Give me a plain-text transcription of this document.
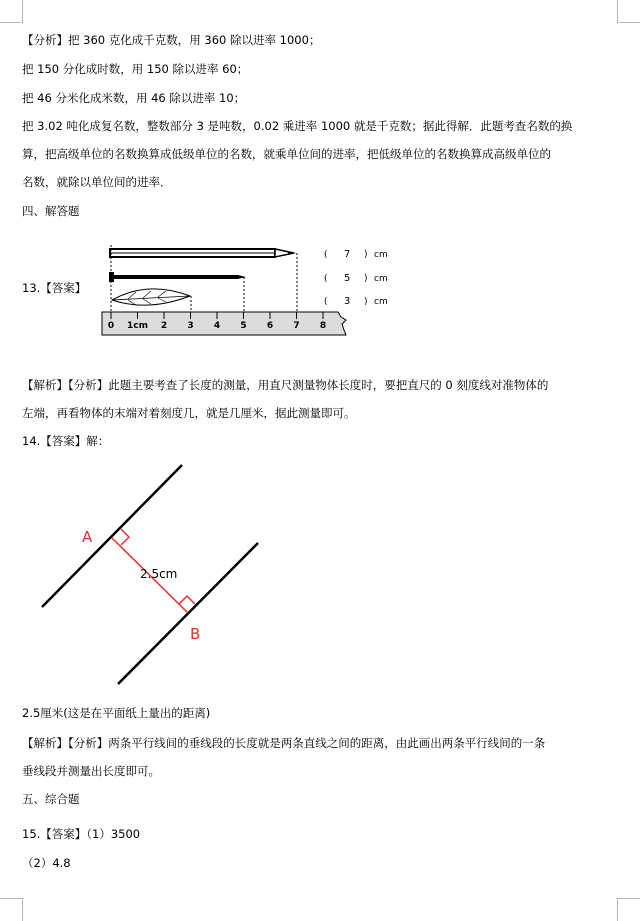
【分析】把 360 克化成千克数，用 360 除以进率 1000；
把 150 分化成时数，用 150 除以进率 60；
把 46 分米化成米数，用 46 除以进率 10；
把 3.02 吨化成复名数，整数部分 3 是吨数，0.02 乘进率 1000 就是千克数；据此得解．此题考查名数的换
算，把高级单位的名数换算成低级单位的名数，就乘单位间的进率，把低级单位的名数换算成高级单位的
名数，就除以单位间的进率．
四、解答题
13.【答案】
0 1cm 2 3 4 5 6 7 8
( 7 ) cm
( 5 ) cm
( 3 ) cm
【解析】【分析】此题主要考查了长度的测量，用直尺测量物体长度时，要把直尺的 0 刻度线对准物体的
左端，再看物体的末端对着刻度几，就是几厘米，据此测量即可。
14.【答案】解：
A
B
2.5cm
2.5厘米(这是在平面纸上量出的距离)
【解析】【分析】两条平行线间的垂线段的长度就是两条直线之间的距离，由此画出两条平行线间的一条
垂线段并测量出长度即可。
五、综合题
15.【答案】（1）3500
（2）4.8
